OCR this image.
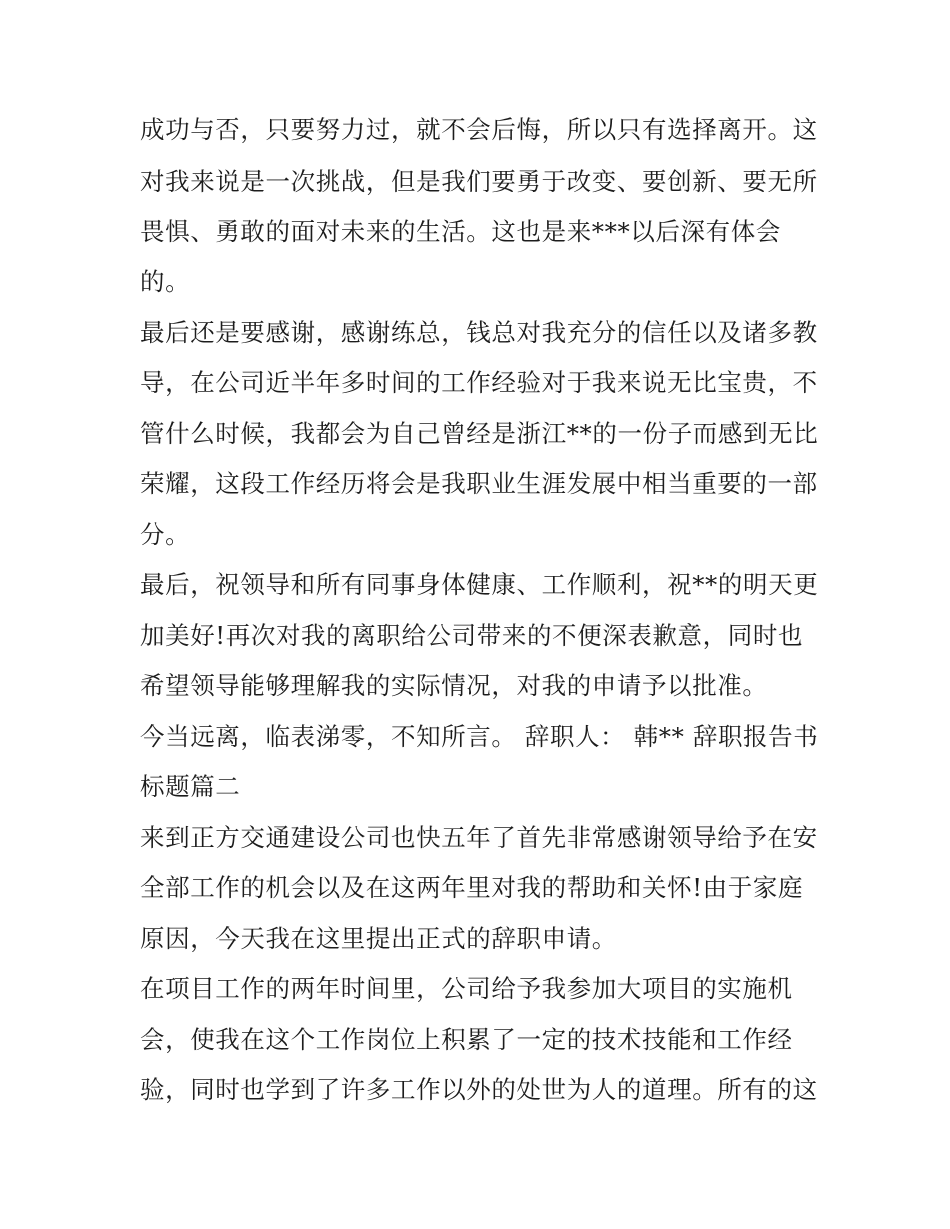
成功与否，只要努力过，就不会后悔，所以只有选择离开。这
对我来说是一次挑战，但是我们要勇于改变、要创新、要无所
畏惧、勇敢的面对未来的生活。这也是来***以后深有体会
的。
最后还是要感谢，感谢练总，钱总对我充分的信任以及诸多教
导，在公司近半年多时间的工作经验对于我来说无比宝贵，不
管什么时候，我都会为自己曾经是浙江**的一份子而感到无比
荣耀，这段工作经历将会是我职业生涯发展中相当重要的一部
分。
最后，祝领导和所有同事身体健康、工作顺利，祝**的明天更
加美好!再次对我的离职给公司带来的不便深表歉意，同时也
希望领导能够理解我的实际情况，对我的申请予以批准。
今当远离，临表涕零，不知所言。 辞职人： 韩** 辞职报告书
标题篇二
来到正方交通建设公司也快五年了首先非常感谢领导给予在安
全部工作的机会以及在这两年里对我的帮助和关怀!由于家庭
原因，今天我在这里提出正式的辞职申请。
在项目工作的两年时间里，公司给予我参加大项目的实施机
会，使我在这个工作岗位上积累了一定的技术技能和工作经
验，同时也学到了许多工作以外的处世为人的道理。所有的这
